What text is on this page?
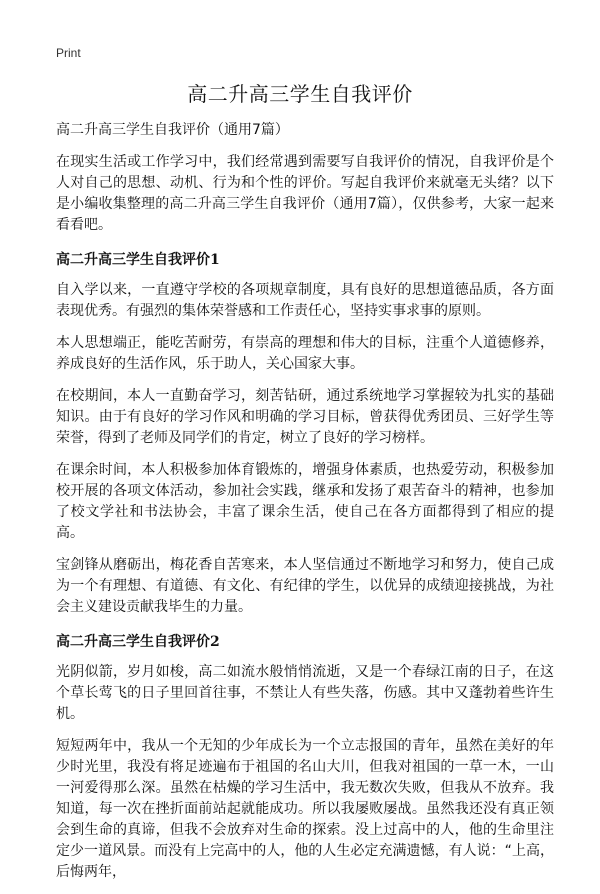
Print
高二升高三学生自我评价
高二升高三学生自我评价（通用7篇）

在现实生活或工作学习中，我们经常遇到需要写自我评价的情况，自我评价是个人对自己的思想、动机、行为和个性的评价。写起自我评价来就毫无头绪？以下是小编收集整理的高二升高三学生自我评价（通用7篇），仅供参考，大家一起来看看吧。

高二升高三学生自我评价1

自入学以来，一直遵守学校的各项规章制度，具有良好的思想道德品质，各方面表现优秀。有强烈的集体荣誉感和工作责任心，坚持实事求事的原则。

本人思想端正，能吃苦耐劳，有崇高的理想和伟大的目标，注重个人道德修养，养成良好的生活作风，乐于助人，关心国家大事。

在校期间，本人一直勤奋学习，刻苦钻研，通过系统地学习掌握较为扎实的基础知识。由于有良好的学习作风和明确的学习目标，曾获得优秀团员、三好学生等荣誉，得到了老师及同学们的肯定，树立了良好的学习榜样。

在课余时间，本人积极参加体育锻炼的，增强身体素质，也热爱劳动，积极参加校开展的各项文体活动，参加社会实践，继承和发扬了艰苦奋斗的精神，也参加了校文学社和书法协会，丰富了课余生活，使自己在各方面都得到了相应的提高。

宝剑锋从磨砺出，梅花香自苦寒来，本人坚信通过不断地学习和努力，使自己成为一个有理想、有道德、有文化、有纪律的学生，以优异的成绩迎接挑战，为社会主义建设贡献我毕生的力量。

高二升高三学生自我评价2

光阴似箭，岁月如梭，高二如流水般悄悄流逝，又是一个春绿江南的日子，在这个草长莺飞的日子里回首往事，不禁让人有些失落，伤感。其中又蓬勃着些许生机。

短短两年中，我从一个无知的少年成长为一个立志报国的青年，虽然在美好的年少时光里，我没有将足迹遍布于祖国的名山大川，但我对祖国的一草一木，一山一河爱得那么深。虽然在枯燥的学习生活中，我无数次失败，但我从不放弃。我知道，每一次在挫折面前站起就能成功。所以我屡败屡战。虽然我还没有真正领会到生命的真谛，但我不会放弃对生命的探索。没上过高中的人，他的生命里注定少一道风景。而没有上完高中的人，他的人生必定充满遗憾，有人说：“上高，后悔两年，
